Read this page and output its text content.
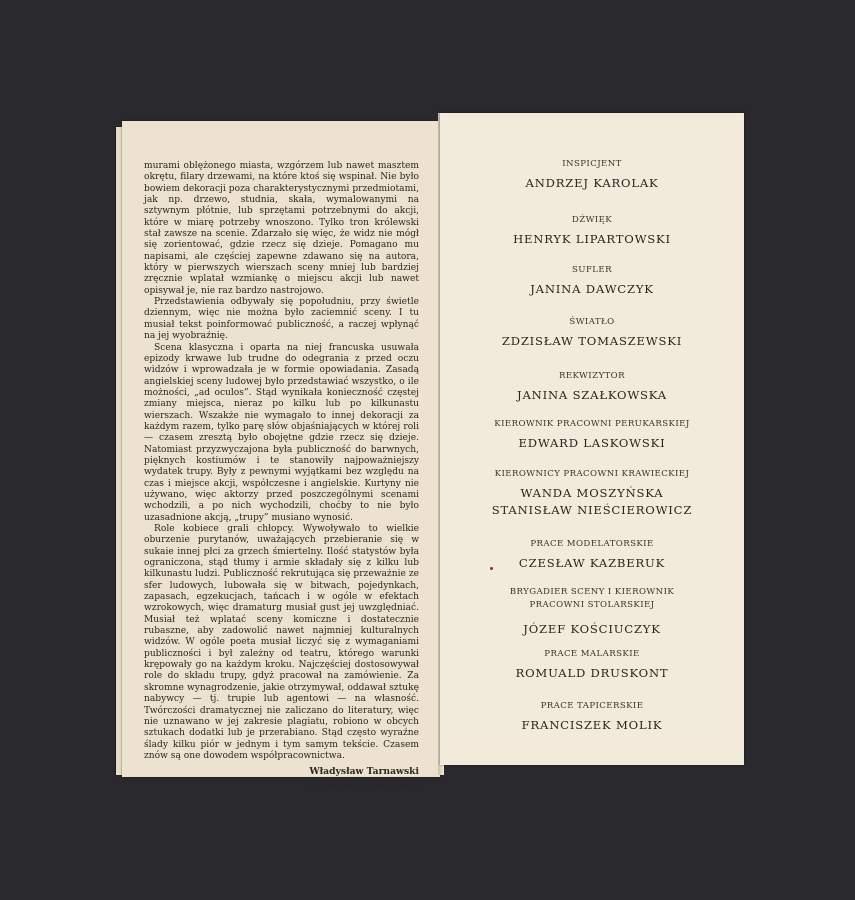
murami oblężonego miasta, wzgórzem lub nawet masztem okrętu, filary drzewami, na które ktoś się wspinał. Nie było bowiem dekoracji poza charakterystycznymi przedmiotami, jak np. drzewo, studnia, skała, wymalowanymi na sztywnym płótnie, lub sprzętami potrzebnymi do akcji, które w miarę potrzeby wnoszono. Tylko tron królewski stał zawsze na scenie. Zdarzało się więc, że widz nie mógł się zorientować, gdzie rzecz się dzieje. Pomagano mu napisami, ale częściej zapewne zdawano się na autora, który w pierwszych wierszach sceny mniej lub bardziej zręcznie wplatał wzmiankę o miejscu akcji lub nawet opisywał je, nie raz bardzo nastrojowo.

Przedstawienia odbywały się popołudniu, przy świetle dziennym, więc nie można było zaciemnić sceny. I tu musiał tekst poinformować publiczność, a raczej wpłynąć na jej wyobraźnię.

Scena klasyczna i oparta na niej francuska usuwała epizody krwawe lub trudne do odegrania z przed oczu widzów i wprowadzała je w formie opowiadania. Zasadą angielskiej sceny ludowej było przedstawiać wszystko, o ile możności, „ad oculos”. Stąd wynikała konieczność częstej zmiany miejsca, nieraz po kilku lub po kilkunastu wierszach. Wszakże nie wymagało to innej dekoracji za każdym razem, tylko parę słów objaśniających w której roli — czasem zresztą było obojętne gdzie rzecz się dzieje. Natomiast przyzwyczajona była publiczność do barwnych, pięknych kostiumów i te stanowiły najpoważniejszy wydatek trupy. Były z pewnymi wyjątkami bez względu na czas i miejsce akcji, współczesne i angielskie. Kurtyny nie używano, więc aktorzy przed poszczególnymi scenami wchodzili, a po nich wychodzili, choćby to nie było uzasadnione akcją, „trupy” musiano wynosić.

Role kobiece grali chłopcy. Wywoływało to wielkie oburzenie purytanów, uważających przebieranie się w sukaie innej płci za grzech śmiertelny. Ilość statystów była ograniczona, stąd tłumy i armie składały się z kilku lub kilkunastu ludzi. Publiczność rekrutująca się przeważnie ze sfer ludowych, lubowała się w bitwach, pojedynkach, zapasach, egzekucjach, tańcach i w ogóle w efektach wzrokowych, więc dramaturg musiał gust jej uwzględniać. Musiał też wplatać sceny komiczne i dostatecznie rubaszne, aby zadowolić nawet najmniej kulturalnych widzów. W ogóle poeta musiał liczyć się z wymaganiami publiczności i był zależny od teatru, którego warunki krępowały go na każdym kroku. Najczęściej dostosowywał role do składu trupy, gdyż pracował na zamówienie. Za skromne wynagrodzenie, jakie otrzymywał, oddawał sztukę nabywcy — tj. trupie lub agentowi — na własność. Twórczości dramatycznej nie zaliczano do literatury, więc nie uznawano w jej zakresie plagiatu, robiono w obcych sztukach dodatki lub je przerabiano. Stąd często wyraźne ślady kilku piór w jednym i tym samym tekście. Czasem znów są one dowodem współpracownictwa.

Władysław Tarnawski
(„Literatura angielska”)
INSPICJENT
ANDRZEJ KAROLAK
DŹWIĘK
HENRYK LIPARTOWSKI
SUFLER
JANINA DAWCZYK
ŚWIATŁO
ZDZISŁAW TOMASZEWSKI
REKWIZYTOR
JANINA SZAŁKOWSKA
KIEROWNIK PRACOWNI PERUKARSKIEJ
EDWARD LASKOWSKI
KIEROWNICY PRACOWNI KRAWIECKIEJ
WANDA MOSZYŃSKA
STANISŁAW NIEŚCIEROWICZ
PRACE MODELATORSKIE
CZESŁAW KAZBERUK
BRYGADIER SCENY I KIEROWNIK
PRACOWNI STOLARSKIEJ
JÓZEF KOŚCIUCZYK
PRACE MALARSKIE
ROMUALD DRUSKONT
PRACE TAPICERSKIE
FRANCISZEK MOLIK
